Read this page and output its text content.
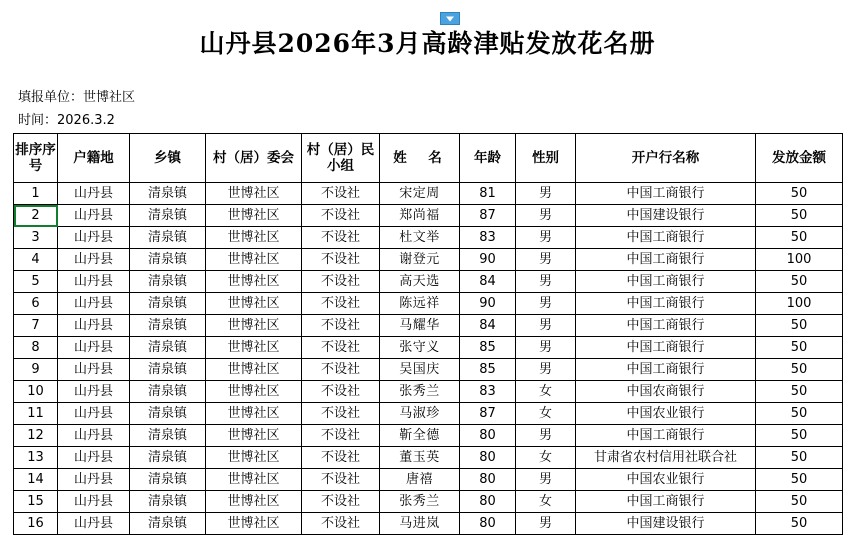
山丹县2026年3月高龄津贴发放花名册
填报单位：世博社区
时间：2026.3.2
排序序号	户籍地	乡镇	村（居）委会	村（居）民小组	姓　名	年龄	性别	开户行名称	发放金额
1	山丹县	清泉镇	世博社区	不设社	宋定周	81	男	中国工商银行	50
2	山丹县	清泉镇	世博社区	不设社	郑尚福	87	男	中国建设银行	50
3	山丹县	清泉镇	世博社区	不设社	杜文举	83	男	中国工商银行	50
4	山丹县	清泉镇	世博社区	不设社	谢登元	90	男	中国工商银行	100
5	山丹县	清泉镇	世博社区	不设社	高天选	84	男	中国工商银行	50
6	山丹县	清泉镇	世博社区	不设社	陈远祥	90	男	中国工商银行	100
7	山丹县	清泉镇	世博社区	不设社	马耀华	84	男	中国工商银行	50
8	山丹县	清泉镇	世博社区	不设社	张守义	85	男	中国工商银行	50
9	山丹县	清泉镇	世博社区	不设社	吴国庆	85	男	中国工商银行	50
10	山丹县	清泉镇	世博社区	不设社	张秀兰	83	女	中国农商银行	50
11	山丹县	清泉镇	世博社区	不设社	马淑珍	87	女	中国农业银行	50
12	山丹县	清泉镇	世博社区	不设社	靳全德	80	男	中国工商银行	50
13	山丹县	清泉镇	世博社区	不设社	董玉英	80	女	甘肃省农村信用社联合社	50
14	山丹县	清泉镇	世博社区	不设社	唐禧	80	男	中国农业银行	50
15	山丹县	清泉镇	世博社区	不设社	张秀兰	80	女	中国工商银行	50
16	山丹县	清泉镇	世博社区	不设社	马进岚	80	男	中国建设银行	50
